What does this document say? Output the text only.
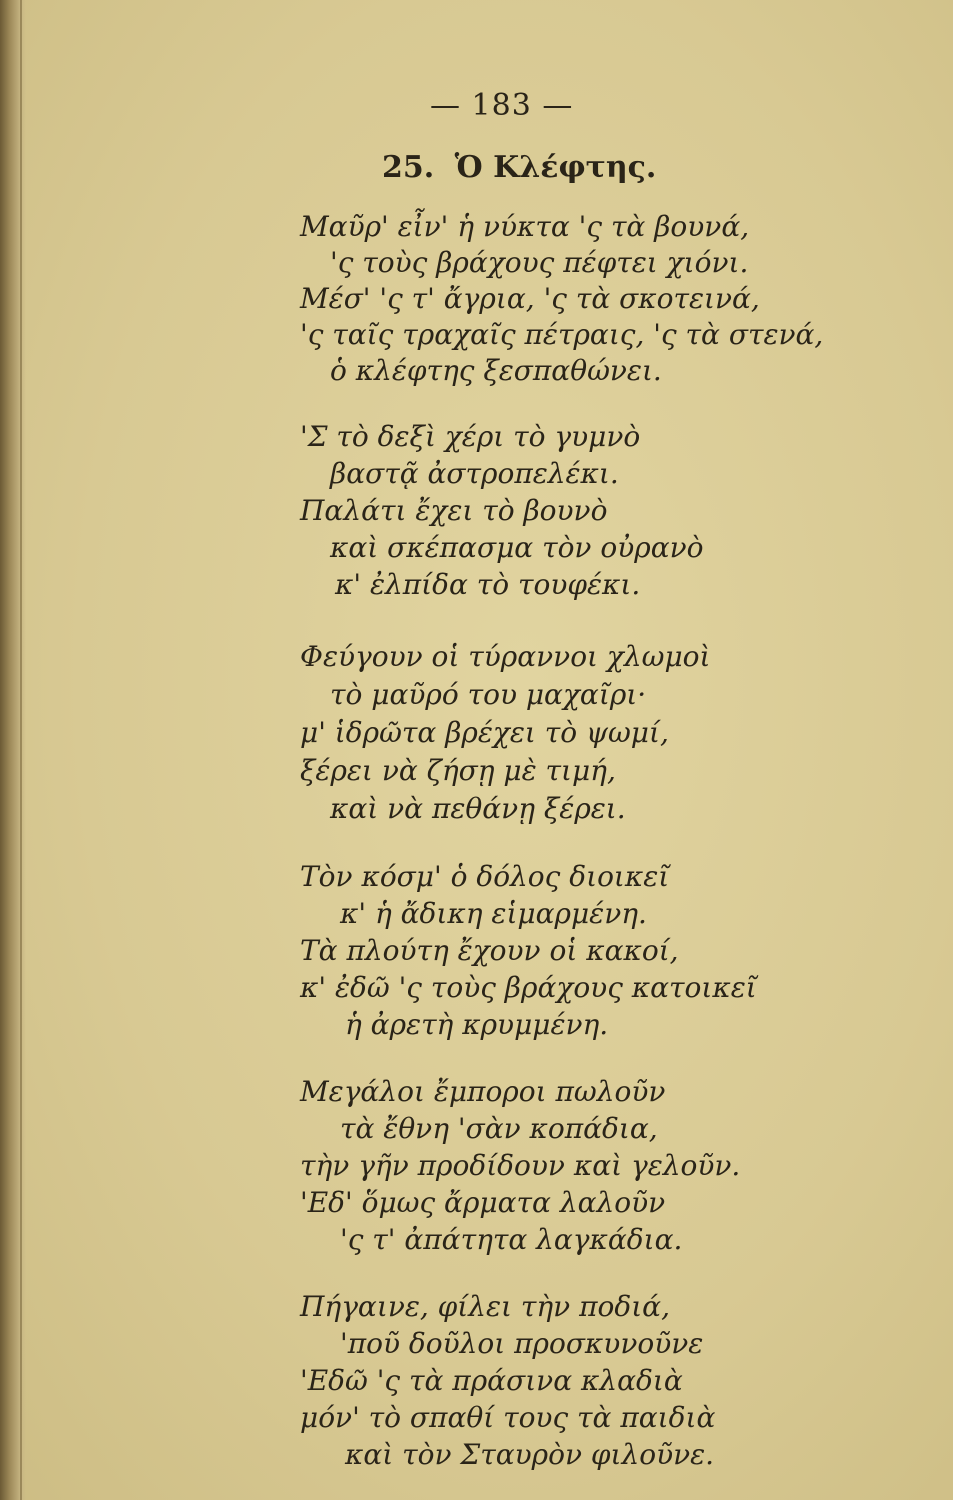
— 183 —
25. Ὁ Κλέφτης.
Μαῦρ' εἶν' ἡ νύκτα 'ς τὰ βουνά,
'ς τοὺς βράχους πέφτει χιόνι.
Μέσ' 'ς τ' ἄγρια, 'ς τὰ σκοτεινά,
'ς ταῖς τραχαῖς πέτραις, 'ς τὰ στενά,
ὁ κλέφτης ξεσπαθώνει.
'Σ τὸ δεξὶ χέρι τὸ γυμνὸ
βαστᾷ ἀστροπελέκι.
Παλάτι ἔχει τὸ βουνὸ
καὶ σκέπασμα τὸν οὐρανὸ
κ' ἐλπίδα τὸ τουφέκι.
Φεύγουν οἱ τύραννοι χλωμοὶ
τὸ μαῦρό του μαχαῖρι·
μ' ἱδρῶτα βρέχει τὸ ψωμί,
ξέρει νὰ ζήσῃ μὲ τιμή,
καὶ νὰ πεθάνῃ ξέρει.
Τὸν κόσμ' ὁ δόλος διοικεῖ
κ' ἡ ἄδικη εἱμαρμένη.
Τὰ πλούτη ἔχουν οἱ κακοί,
κ' ἐδῶ 'ς τοὺς βράχους κατοικεῖ
ἡ ἀρετὴ κρυμμένη.
Μεγάλοι ἔμποροι πωλοῦν
τὰ ἔθνη 'σὰν κοπάδια,
τὴν γῆν προδίδουν καὶ γελοῦν.
'Εδ' ὅμως ἄρματα λαλοῦν
'ς τ' ἀπάτητα λαγκάδια.
Πήγαινε, φίλει τὴν ποδιά,
'ποῦ δοῦλοι προσκυνοῦνε
'Εδῶ 'ς τὰ πράσινα κλαδιὰ
μόν' τὸ σπαθί τους τὰ παιδιὰ
καὶ τὸν Σταυρὸν φιλοῦνε.
